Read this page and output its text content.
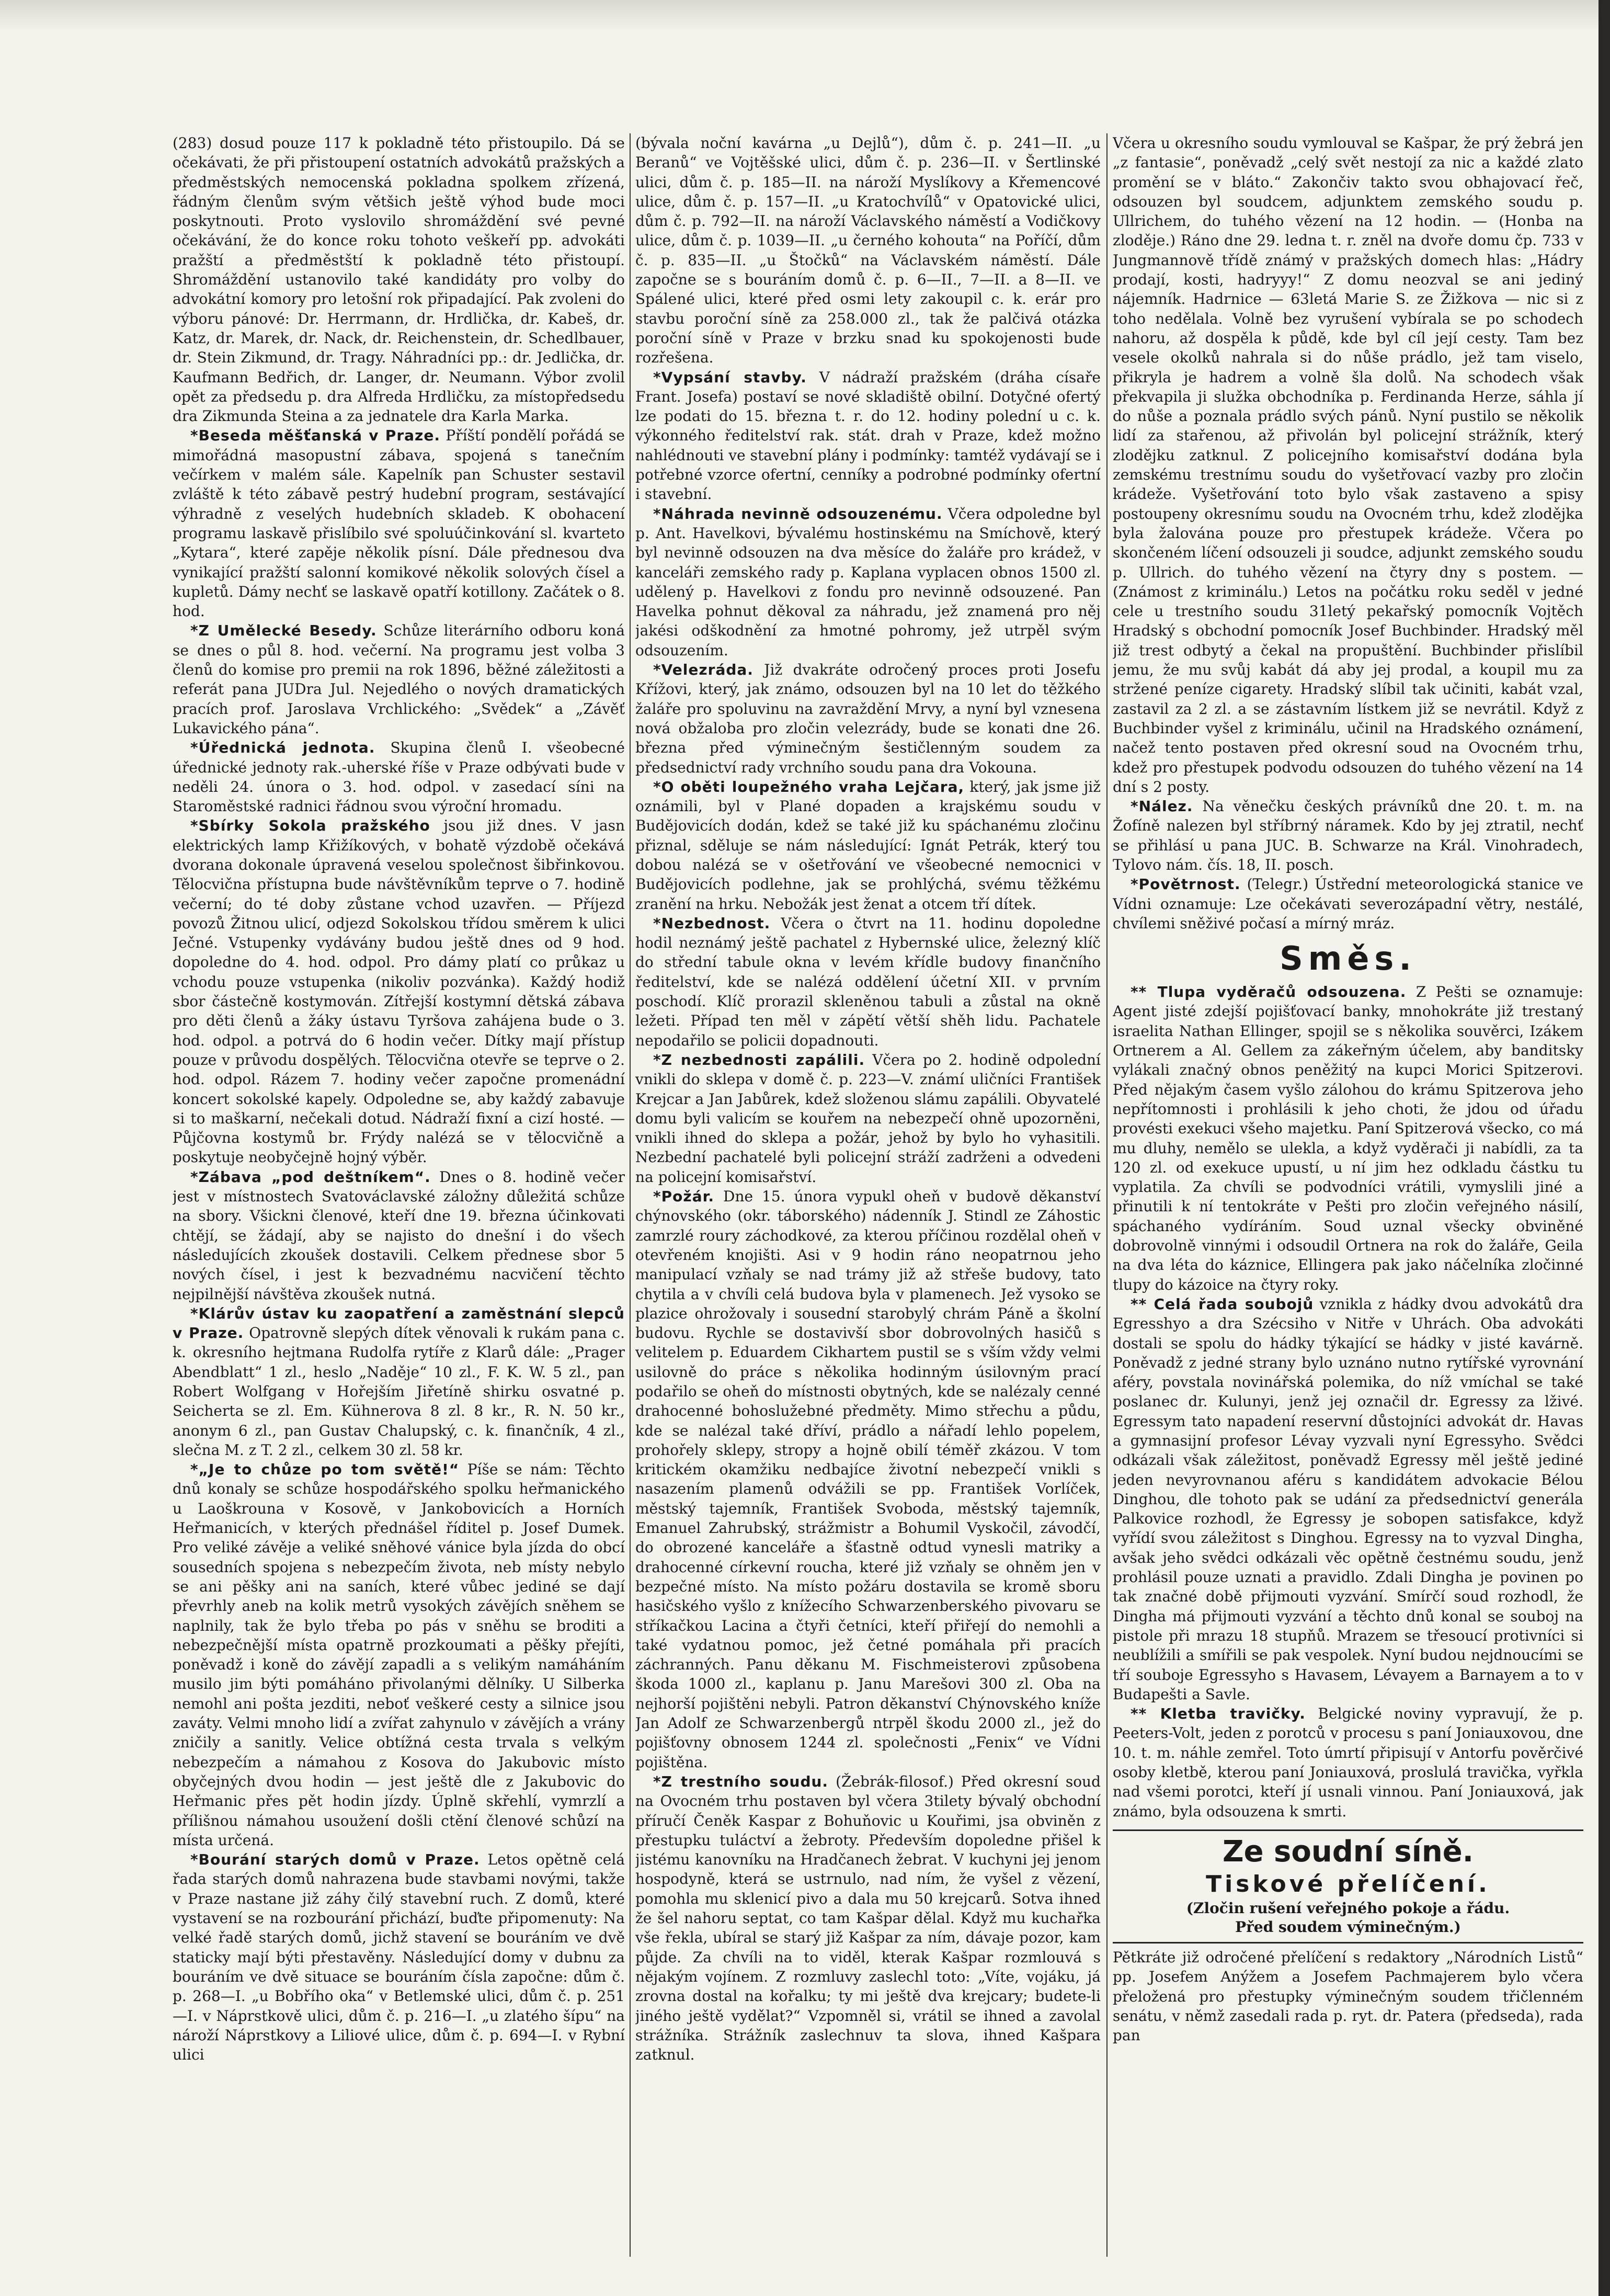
(283) dosud pouze 117 k pokladně této přistoupilo. Dá se očekávati, že při přistoupení ostatních advokátů pražských a předměstských nemocenská pokladna spolkem zřízená, řádným členům svým většich ještě výhod bude moci poskytnouti. Proto vyslovilo shromáždění své pevné očekávání, že do konce roku tohoto veškeří pp. advokáti pražští a předměstští k pokladně této přistoupí. Shromáždění ustanovilo také kandidáty pro volby do advokátní komory pro letošní rok připadající. Pak zvoleni do výboru pánové: Dr. Herrmann, dr. Hrdlička, dr. Kabeš, dr. Katz, dr. Marek, dr. Nack, dr. Reichenstein, dr. Schedlbauer, dr. Stein Zikmund, dr. Tragy. Náhradníci pp.: dr. Jedlička, dr. Kaufmann Bedřich, dr. Langer, dr. Neumann. Výbor zvolil opět za předsedu p. dra Alfreda Hrdličku, za místopředsedu dra Zikmunda Steina a za jednatele dra Karla Marka.

*Beseda měšťanská v Praze. Příští pondělí pořádá se mimořádná masopustní zábava, spojená s tanečním večírkem v malém sále. Kapelník pan Schuster sestavil zvláště k této zábavě pestrý hudební program, sestávající výhradně z veselých hudebních skladeb. K obohacení programu laskavě přislíbilo své spoluúčinkování sl. kvarteto „Kytara“, které zapěje několik písní. Dále přednesou dva vynikající pražští salonní komikové několik solových čísel a kupletů. Dámy nechť se laskavě opatří kotillony. Začátek o 8. hod.

*Z Umělecké Besedy. Schůze literárního odboru koná se dnes o půl 8. hod. večerní. Na programu jest volba 3 členů do komise pro premii na rok 1896, běžné záležitosti a referát pana JUDra Jul. Nejedlého o nových dramatických pracích prof. Jaroslava Vrchlického: „Svědek“ a „Závěť Lukavického pána“.

*Úřednická jednota. Skupina členů I. všeobecné úřednické jednoty rak.-uherské říše v Praze odbývati bude v neděli 24. února o 3. hod. odpol. v zasedací síni na Staroměstské radnici řádnou svou výroční hromadu.

*Sbírky Sokola pražského jsou již dnes. V jasn elektrických lamp Křižíkových, v bohatě výzdobě očekává dvorana dokonale úpravená veselou společnost šibřinkovou. Tělocvična přístupna bude návštěvníkům teprve o 7. hodině večerní; do té doby zůstane vchod uzavřen. — Příjezd povozů Žitnou ulicí, odjezd Sokolskou třídou směrem k ulici Ječné. Vstupenky vydávány budou ještě dnes od 9 hod. dopoledne do 4. hod. odpol. Pro dámy platí co průkaz u vchodu pouze vstupenka (nikoliv pozvánka). Každý hodiž sbor částečně kostymován. Zítřejší kostymní dětská zábava pro děti členů a žáky ústavu Tyršova zahájena bude o 3. hod. odpol. a potrvá do 6 hodin večer. Dítky mají přístup pouze v průvodu dospělých. Tělocvična otevře se teprve o 2. hod. odpol. Rázem 7. hodiny večer započne promenádní koncert sokolské kapely. Odpoledne se, aby každý zabavuje si to maškarní, nečekali dotud. Nádraží fixní a cizí hosté. — Půjčovna kostymů br. Frýdy nalézá se v tělocvičně a poskytuje neobyčejně hojný výběr.

*Zábava „pod deštníkem“. Dnes o 8. hodině večer jest v místnostech Svatováclavské záložny důležitá schůze na sbory. Všickni členové, kteří dne 19. března účinkovati chtějí, se žádají, aby se najisto do dnešní i do všech následujících zkoušek dostavili. Celkem přednese sbor 5 nových čísel, i jest k bezvadnému nacvičení těchto nejpilnější návštěva zkoušek nutná.

*Klárův ústav ku zaopatření a zaměstnání slepců v Praze. Opatrovně slepých dítek věnovali k rukám pana c. k. okresního hejtmana Rudolfa rytíře z Klarů dále: „Prager Abendblatt“ 1 zl., heslo „Naděje“ 10 zl., F. K. W. 5 zl., pan Robert Wolfgang v Hořejším Jiřetíně shirku osvatné p. Seicherta se zl. Em. Kühnerova 8 zl. 8 kr., R. N. 50 kr., anonym 6 zl., pan Gustav Chalupský, c. k. finančník, 4 zl., slečna M. z T. 2 zl., celkem 30 zl. 58 kr.

*„Je to chůze po tom světě!“ Píše se nám: Těchto dnů konaly se schůze hospodářského spolku heřmanického u Laoškrouna v Kosově, v Jankobovicích a Horních Heřmanicích, v kterých přednášel říditel p. Josef Dumek. Pro veliké závěje a veliké sněhové vánice byla jízda do obcí sousedních spojena s nebezpečím života, neb místy nebylo se ani pěšky ani na saních, které vůbec jediné se dají převrhly aneb na kolik metrů vysokých závějích sněhem se naplnily, tak že bylo třeba po pás v sněhu se broditi a nebezpečnější místa opatrně prozkoumati a pěšky přejíti, poněvadž i koně do závějí zapadli a s velikým namáháním musilo jim býti pomáháno přivolanými dělníky. U Silberka nemohl ani pošta jezditi, neboť veškeré cesty a silnice jsou zaváty. Velmi mnoho lidí a zvířat zahynulo v závějích a vrány zničily a sanitly. Velice obtížná cesta trvala s velkým nebezpečím a námahou z Kosova do Jakubovic místo obyčejných dvou hodin — jest ještě dle z Jakubovic do Heřmanic přes pět hodin jízdy. Úplně skřehlí, vymrzlí a přílišnou námahou usoužení došli ctění členové schůzí na místa určená.

*Bourání starých domů v Praze. Letos opětně celá řada starých domů nahrazena bude stavbami novými, takže v Praze nastane již záhy čilý stavební ruch. Z domů, které vystavení se na rozbourání přichází, buďte připomenuty: Na velké řadě starých domů, jichž stavení se bouráním ve dvě staticky mají býti přestavěny. Následující domy v dubnu za bouráním ve dvě situace se bouráním čísla započne: dům č. p. 268—I. „u Bobřího oka“ v Betlemské ulici, dům č. p. 251—I. v Náprstkově ulici, dům č. p. 216—I. „u zlatého šípu“ na nároží Náprstkovy a Liliové ulice, dům č. p. 694—I. v Rybní ulici

(bývala noční kavárna „u Dejlů“), dům č. p. 241—II. „u Beranů“ ve Vojtěšské ulici, dům č. p. 236—II. v Šertlinské ulici, dům č. p. 185—II. na nároží Myslíkovy a Křemencové ulice, dům č. p. 157—II. „u Kratochvílů“ v Opatovické ulici, dům č. p. 792—II. na nároží Václavského náměstí a Vodičkovy ulice, dům č. p. 1039—II. „u černého kohouta“ na Poříčí, dům č. p. 835—II. „u Štočků“ na Václavském náměstí. Dále započne se s bouráním domů č. p. 6—II., 7—II. a 8—II. ve Spálené ulici, které před osmi lety zakoupil c. k. erár pro stavbu poroční síně za 258.000 zl., tak že palčivá otázka poroční síně v Praze v brzku snad ku spokojenosti bude rozřešena.

*Vypsání stavby. V nádraží pražském (dráha císaře Frant. Josefa) postaví se nové skladiště obilní. Dotyčné ofertý lze podati do 15. března t. r. do 12. hodiny polední u c. k. výkonného ředitelství rak. stát. drah v Praze, kdež možno nahlédnouti ve stavební plány i podmínky: tamtéž vydávají se i potřebné vzorce ofertní, cenníky a podrobné podmínky ofertní i stavební.

*Náhrada nevinně odsouzenému. Včera odpoledne byl p. Ant. Havelkovi, bývalému hostinskému na Smíchově, který byl nevinně odsouzen na dva měsíce do žaláře pro krádež, v kanceláři zemského rady p. Kaplana vyplacen obnos 1500 zl. udělený p. Havelkovi z fondu pro nevinně odsouzené. Pan Havelka pohnut děkoval za náhradu, jež znamená pro něj jakési odškodnění za hmotné pohromy, jež utrpěl svým odsouzením.

*Velezráda. Již dvakráte odročený proces proti Josefu Křížovi, který, jak známo, odsouzen byl na 10 let do těžkého žaláře pro spoluvinu na zavraždění Mrvy, a nyní byl vznesena nová obžaloba pro zločin velezrády, bude se konati dne 26. března před výminečným šestičlenným soudem za předsednictví rady vrchního soudu pana dra Vokouna.

*O oběti loupežného vraha Lejčara, který, jak jsme již oznámili, byl v Plané dopaden a krajskému soudu v Budějovicích dodán, kdež se také již ku spáchanému zločinu přiznal, sděluje se nám následující: Ignát Petrák, který tou dobou nalézá se v ošetřování ve všeobecné nemocnici v Budějovicích podlehne, jak se prohlýchá, svému těžkému zranění na hrku. Nebožák jest ženat a otcem tří dítek.

*Nezbednost. Včera o čtvrt na 11. hodinu dopoledne hodil neznámý ještě pachatel z Hybernské ulice, železný klíč do střední tabule okna v levém křídle budovy finančního ředitelství, kde se nalézá oddělení účetní XII. v prvním poschodí. Klíč prorazil skleněnou tabuli a zůstal na okně ležeti. Případ ten měl v zápětí větší shěh lidu. Pachatele nepodařilo se policii dopadnouti.

*Z nezbednosti zapálili. Včera po 2. hodině odpolední vnikli do sklepa v domě č. p. 223—V. známí uličníci František Krejcar a Jan Jabůrek, kdež složenou slámu zapálili. Obyvatelé domu byli valicím se kouřem na nebezpečí ohně upozorněni, vnikli ihned do sklepa a požár, jehož by bylo ho vyhasitili. Nezbední pachatelé byli policejní stráží zadrženi a odvedeni na policejní komisařství.

*Požár. Dne 15. února vypukl oheň v budově děkanství chýnovského (okr. táborského) nádenník J. Stindl ze Záhostic zamrzlé roury záchodkové, za kterou příčinou rozdělal oheň v otevřeném knojišti. Asi v 9 hodin ráno neopatrnou jeho manipulací vzňaly se nad trámy již až střeše budovy, tato chytila a v chvíli celá budova byla v plamenech. Jež vysoko se plazice ohrožovaly i sousední starobylý chrám Páně a školní budovu. Rychle se dostavivší sbor dobrovolných hasičů s velitelem p. Eduardem Cikhartem pustil se s vším vždy velmi usilovně do práce s několika hodinným úsilovným prací podařilo se oheň do místnosti obytných, kde se nalézaly cenné drahocenné bohoslužebné předměty. Mimo střechu a půdu, kde se nalézal také dříví, prádlo a nářadí lehlo popelem, prohořely sklepy, stropy a hojně obilí téměř zkázou. V tom kritickém okamžiku nedbajíce životní nebezpečí vnikli s nasazením plamenů odvážili se pp. František Vorlíček, městský tajemník, František Svoboda, městský tajemník, Emanuel Zahrubský, strážmistr a Bohumil Vyskočil, závodčí, do obrozené kanceláře a šťastně odtud vynesli matriky a drahocenné církevní roucha, které již vzňaly se ohněm jen v bezpečné místo. Na místo požáru dostavila se kromě sboru hasičského vyšlo z knížecího Schwarzenberského pivovaru se stříkačkou Lacina a čtyři četníci, kteří přiřejí do nemohli a také vydatnou pomoc, jež četné pomáhala při pracích záchranných. Panu děkanu M. Fischmeisterovi způsobena škoda 1000 zl., kaplanu p. Janu Marešovi 300 zl. Oba na nejhorší pojištěni nebyli. Patron děkanství Chýnovského kníže Jan Adolf ze Schwarzenbergů ntrpěl škodu 2000 zl., jež do pojišťovny obnosem 1244 zl. společnosti „Fenix“ ve Vídni pojištěna.

*Z trestního soudu. (Žebrák-filosof.) Před okresní soud na Ovocném trhu postaven byl včera 3tilety bývalý obchodní příručí Čeněk Kaspar z Bohuňovic u Kouřimi, jsa obviněn z přestupku tuláctví a žebroty. Především dopoledne přišel k jistému kanovníku na Hradčanech žebrat. V kuchyni jej jenom hospodyně, která se ustrnulo, nad ním, že vyšel z vězení, pomohla mu sklenicí pivo a dala mu 50 krejcarů. Sotva ihned že šel nahoru septat, co tam Kašpar dělal. Když mu kuchařka vše řekla, ubíral se starý již Kašpar za ním, dávaje pozor, kam půjde. Za chvíli na to viděl, kterak Kašpar rozmlouvá s nějakým vojínem. Z rozmluvy zaslechl toto: „Víte, vojáku, já zrovna dostal na kořalku; ty mi ještě dva krejcary; budete-li jiného ještě vydělat?“ Vzpomněl si, vrátil se ihned a zavolal strážníka. Strážník zaslechnuv ta slova, ihned Kašpara zatknul.

Včera u okresního soudu vymlouval se Kašpar, že prý žebrá jen „z fantasie“, poněvadž „celý svět nestojí za nic a každé zlato promění se v bláto.“ Zakončiv takto svou obhajovací řeč, odsouzen byl soudcem, adjunktem zemského soudu p. Ullrichem, do tuhého vězení na 12 hodin. — (Honba na zloděje.) Ráno dne 29. ledna t. r. zněl na dvoře domu čp. 733 v Jungmannově třídě známý v pražských domech hlas: „Hádry prodají, kosti, hadryyy!“ Z domu neozval se ani jediný nájemník. Hadrnice — 63letá Marie S. ze Žižkova — nic si z toho nedělala. Volně bez vyrušení vybírala se po schodech nahoru, až dospěla k půdě, kde byl cíl její cesty. Tam bez vesele okolků nahrala si do nůše prádlo, jež tam viselo, přikryla je hadrem a volně šla dolů. Na schodech však překvapila ji služka obchodníka p. Ferdinanda Herze, sáhla jí do nůše a poznala prádlo svých pánů. Nyní pustilo se několik lidí za stařenou, až přivolán byl policejní strážník, který zlodějku zatknul. Z policejního komisařství dodána byla zemskému trestnímu soudu do vyšetřovací vazby pro zločin krádeže. Vyšetřování toto bylo však zastaveno a spisy postoupeny okresnímu soudu na Ovocném trhu, kdež zlodějka byla žalována pouze pro přestupek krádeže. Včera po skončeném líčení odsouzeli ji soudce, adjunkt zemského soudu p. Ullrich. do tuhého vězení na čtyry dny s postem. — (Známost z kriminálu.) Letos na počátku roku seděl v jedné cele u trestního soudu 31letý pekařský pomocník Vojtěch Hradský s obchodní pomocník Josef Buchbinder. Hradský měl již trest odbytý a čekal na propuštění. Buchbinder přislíbil jemu, že mu svůj kabát dá aby jej prodal, a koupil mu za stržené peníze cigarety. Hradský slíbil tak učiniti, kabát vzal, zastavil za 2 zl. a se zástavním lístkem již se nevrátil. Když z Buchbinder vyšel z kriminálu, učinil na Hradského oznámení, načež tento postaven před okresní soud na Ovocném trhu, kdež pro přestupek podvodu odsouzen do tuhého vězení na 14 dní s 2 posty.

*Nález. Na věnečku českých právníků dne 20. t. m. na Žofíně nalezen byl stříbrný náramek. Kdo by jej ztratil, nechť se přihlásí u pana JUC. B. Schwarze na Král. Vinohradech, Tylovo nám. čís. 18, II. posch.

*Povětrnost. (Telegr.) Ústřední meteorologická stanice ve Vídni oznamuje: Lze očekávati severozápadní větry, nestálé, chvílemi sněživé počasí a mírný mráz.

Směs.

** Tlupa vyděračů odsouzena. Z Pešti se oznamuje: Agent jisté zdejší pojišťovací banky, mnohokráte již trestaný israelita Nathan Ellinger, spojil se s několika souvěrci, Izákem Ortnerem a Al. Gellem za zákeřným účelem, aby banditsky vylákali značný obnos peněžitý na kupci Morici Spitzerovi. Před nějakým časem vyšlo zálohou do krámu Spitzerova jeho nepřítomnosti i prohlásili k jeho choti, že jdou od úřadu provésti exekuci všeho majetku. Paní Spitzerová všecko, co má mu dluhy, nemělo se ulekla, a když vyděrači ji nabídli, za ta 120 zl. od exekuce upustí, u ní jim hez odkladu částku tu vyplatila. Za chvíli se podvodníci vrátili, vymyslili jiné a přinutili k ní tentokráte v Pešti pro zločin veřejného násilí, spáchaného vydíráním. Soud uznal všecky obviněné dobrovolně vinnými i odsoudil Ortnera na rok do žaláře, Geila na dva léta do káznice, Ellingera pak jako náčelníka zločinné tlupy do kázoice na čtyry roky.

** Celá řada soubojů vznikla z hádky dvou advokátů dra Egresshyo a dra Szécsiho v Nitře v Uhrách. Oba advokáti dostali se spolu do hádky týkající se hádky v jisté kavárně. Poněvadž z jedné strany bylo uznáno nutno rytířské vyrovnání aféry, povstala novinářská polemika, do níž vmíchal se také poslanec dr. Kulunyi, jenž jej označil dr. Egressy za lživé. Egressym tato napadení reservní důstojníci advokát dr. Havas a gymnasijní profesor Lévay vyzvali nyní Egressyho. Svědci odkázali však záležitost, poněvadž Egressy měl ještě jediné jeden nevyrovnanou aféru s kandidátem advokacie Bélou Dinghou, dle tohoto pak se udání za předsednictví generála Palkovice rozhodl, že Egressy je sobopen satisfakce, když vyřídí svou záležitost s Dinghou. Egressy na to vyzval Dingha, avšak jeho svědci odkázali věc opětně čestnému soudu, jenž prohlásil pouze uznati a pravidlo. Zdali Dingha je povinen po tak značné době přijmouti vyzvání. Smírčí soud rozhodl, že Dingha má přijmouti vyzvání a těchto dnů konal se souboj na pistole při mrazu 18 stupňů. Mrazem se třesoucí protivníci si neublížili a smířili se pak vespolek. Nyní budou nejdnoucími se tří souboje Egressyho s Havasem, Lévayem a Barnayem a to v Budapešti a Savle.

** Kletba travičky. Belgické noviny vypravují, že p. Peeters-Volt, jeden z porotců v procesu s paní Joniauxovou, dne 10. t. m. náhle zemřel. Toto úmrtí připisují v Antorfu pověrčivé osoby kletbě, kterou paní Joniauxová, proslulá travička, vyřkla nad všemi porotci, kteří jí usnali vinnou. Paní Joniauxová, jak známo, byla odsouzena k smrti.

Ze soudní síně.
Tiskové přelíčení.
(Zločin rušení veřejného pokoje a řádu.
Před soudem výminečným.)

Pětkráte již odročené přelíčení s redaktory „Národních Listů“ pp. Josefem Anýžem a Josefem Pachmajerem bylo včera přeložená pro přestupky výminečným soudem třičlenném senátu, v němž zasedali rada p. ryt. dr. Patera (předseda), rada pan
